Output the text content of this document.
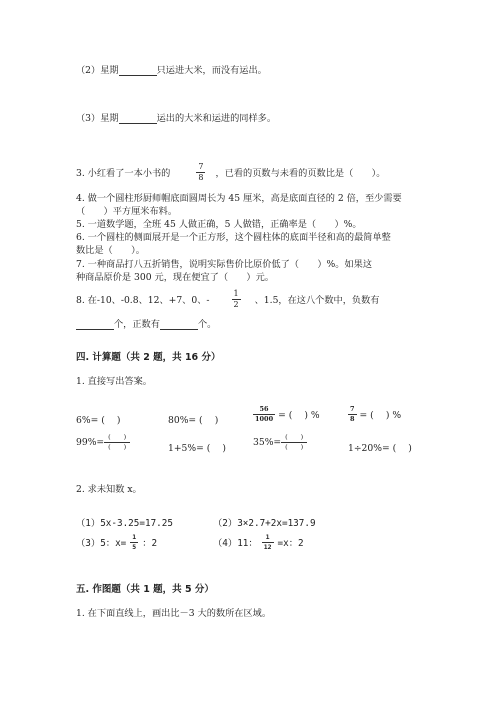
（2）星期	只运进大米，而没有运出。
（3）星期	运出的大米和运进的同样多。
3. 小红看了一本小书的	$\frac{7}{8}$ ，已看的页数与未看的页数比是（　　）。
4. 做一个圆柱形厨师帽底面圆周长为 45 厘米，高是底面直径的 2 倍，至少需要
（　　）平方厘米布料。
5. 一道数学题，全班 45 人做正确，5 人做错，正确率是（　　）%。
6. 一个圆柱的侧面展开是一个正方形，这个圆柱体的底面半径和高的最简单整
数比是（　　）。
7. 一种商品打八五折销售，说明实际售价比原价低了（　　）%。如果这
种商品原价是 300 元，现在便宜了（　　）元。
8. 在-10、-0.8、12、+7、0、-	$\frac{1}{2}$ 、1.5，在这八个数中，负数有
个，正数有	个。
四. 计算题（共 2 题，共 16 分）
1. 直接写出答案。
6%= (　 )	80%= (　 )	$\frac{56}{1000}$ = (　 ) %	$\frac{7}{8}$ = (　 ) %
$99\%= \frac{( )}{( )}$	1+5%= (　 )
$35\%= \frac{( )}{( )}$	1÷20%= (　 )
2. 求未知数 x。
（1）5x-3.25=17.25	（2）3×2.7+2x=137.9
（3）5：$x= \frac{1}{5}$ ：2	（4）11： $\frac{1}{12} =x$：2
五. 作图题（共 1 题，共 5 分）
1. 在下面直线上，画出比－3 大的数所在区域。
